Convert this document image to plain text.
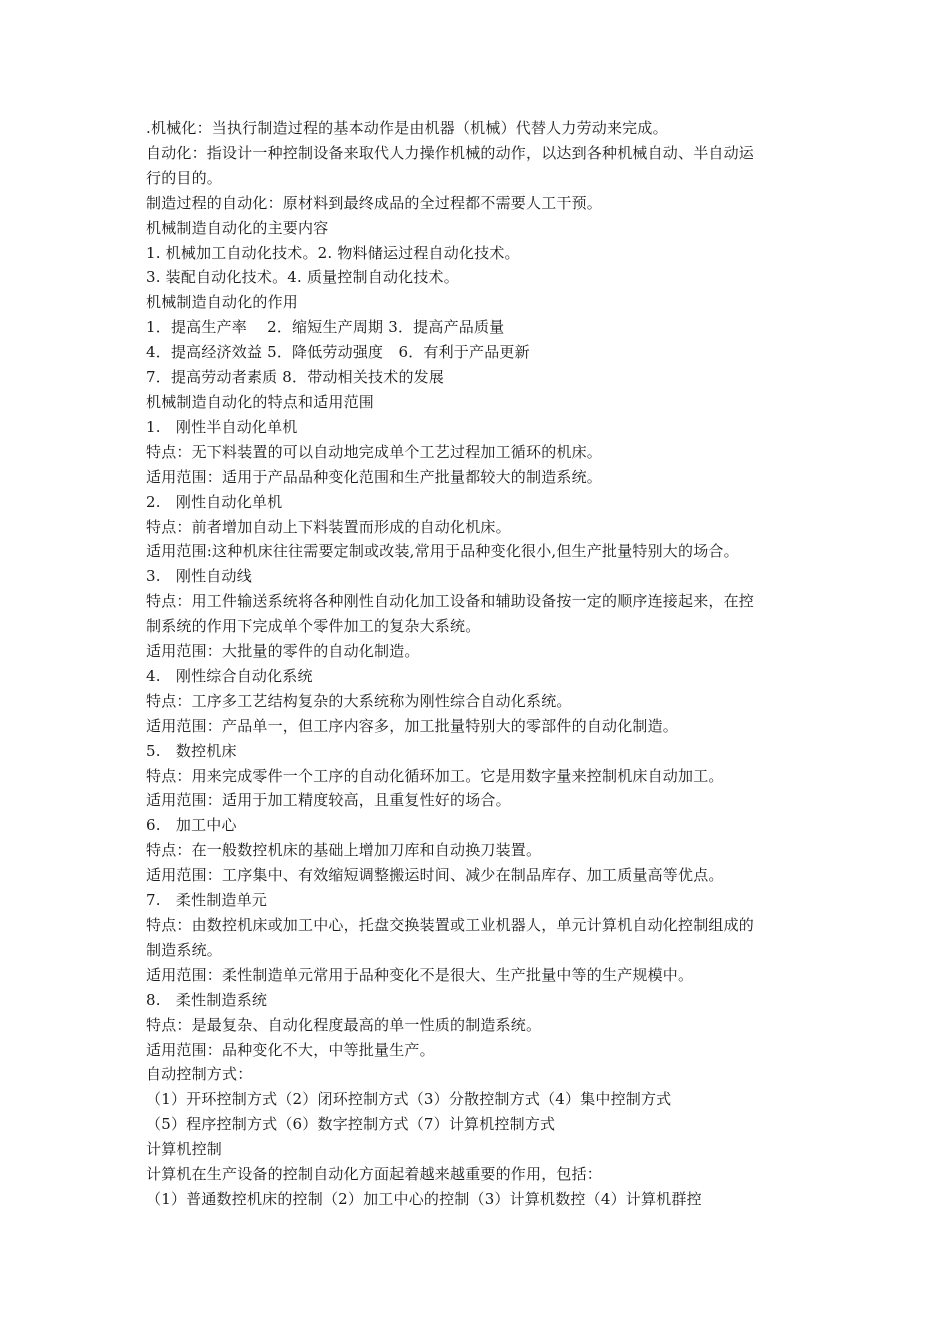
.机械化：当执行制造过程的基本动作是由机器（机械）代替人力劳动来完成。
自动化：指设计一种控制设备来取代人力操作机械的动作，以达到各种机械自动、半自动运
行的目的。
制造过程的自动化：原材料到最终成品的全过程都不需要人工干预。
机械制造自动化的主要内容
1. 机械加工自动化技术。2. 物料储运过程自动化技术。
3. 装配自动化技术。4. 质量控制自动化技术。
机械制造自动化的作用
1．提高生产率　 2．缩短生产周期 3．提高产品质量
4．提高经济效益 5．降低劳动强度　6．有利于产品更新
7．提高劳动者素质 8．带动相关技术的发展
机械制造自动化的特点和适用范围
1.　刚性半自动化单机
特点：无下料装置的可以自动地完成单个工艺过程加工循环的机床。
适用范围：适用于产品品种变化范围和生产批量都较大的制造系统。
2.　刚性自动化单机
特点：前者增加自动上下料装置而形成的自动化机床。
适用范围:这种机床往往需要定制或改装,常用于品种变化很小,但生产批量特别大的场合。
3.　刚性自动线
特点：用工件输送系统将各种刚性自动化加工设备和辅助设备按一定的顺序连接起来，在控
制系统的作用下完成单个零件加工的复杂大系统。
适用范围：大批量的零件的自动化制造。
4.　刚性综合自动化系统
特点：工序多工艺结构复杂的大系统称为刚性综合自动化系统。
适用范围：产品单一，但工序内容多，加工批量特别大的零部件的自动化制造。
5.　数控机床
特点：用来完成零件一个工序的自动化循环加工。它是用数字量来控制机床自动加工。
适用范围：适用于加工精度较高，且重复性好的场合。
6.　加工中心
特点：在一般数控机床的基础上增加刀库和自动换刀装置。
适用范围：工序集中、有效缩短调整搬运时间、减少在制品库存、加工质量高等优点。
7.　柔性制造单元
特点：由数控机床或加工中心，托盘交换装置或工业机器人，单元计算机自动化控制组成的
制造系统。
适用范围：柔性制造单元常用于品种变化不是很大、生产批量中等的生产规模中。
8.　柔性制造系统
特点：是最复杂、自动化程度最高的单一性质的制造系统。
适用范围：品种变化不大，中等批量生产。
自动控制方式：
（1）开环控制方式（2）闭环控制方式（3）分散控制方式（4）集中控制方式
（5）程序控制方式（6）数字控制方式（7）计算机控制方式
计算机控制
计算机在生产设备的控制自动化方面起着越来越重要的作用，包括：
（1）普通数控机床的控制（2）加工中心的控制（3）计算机数控（4）计算机群控
